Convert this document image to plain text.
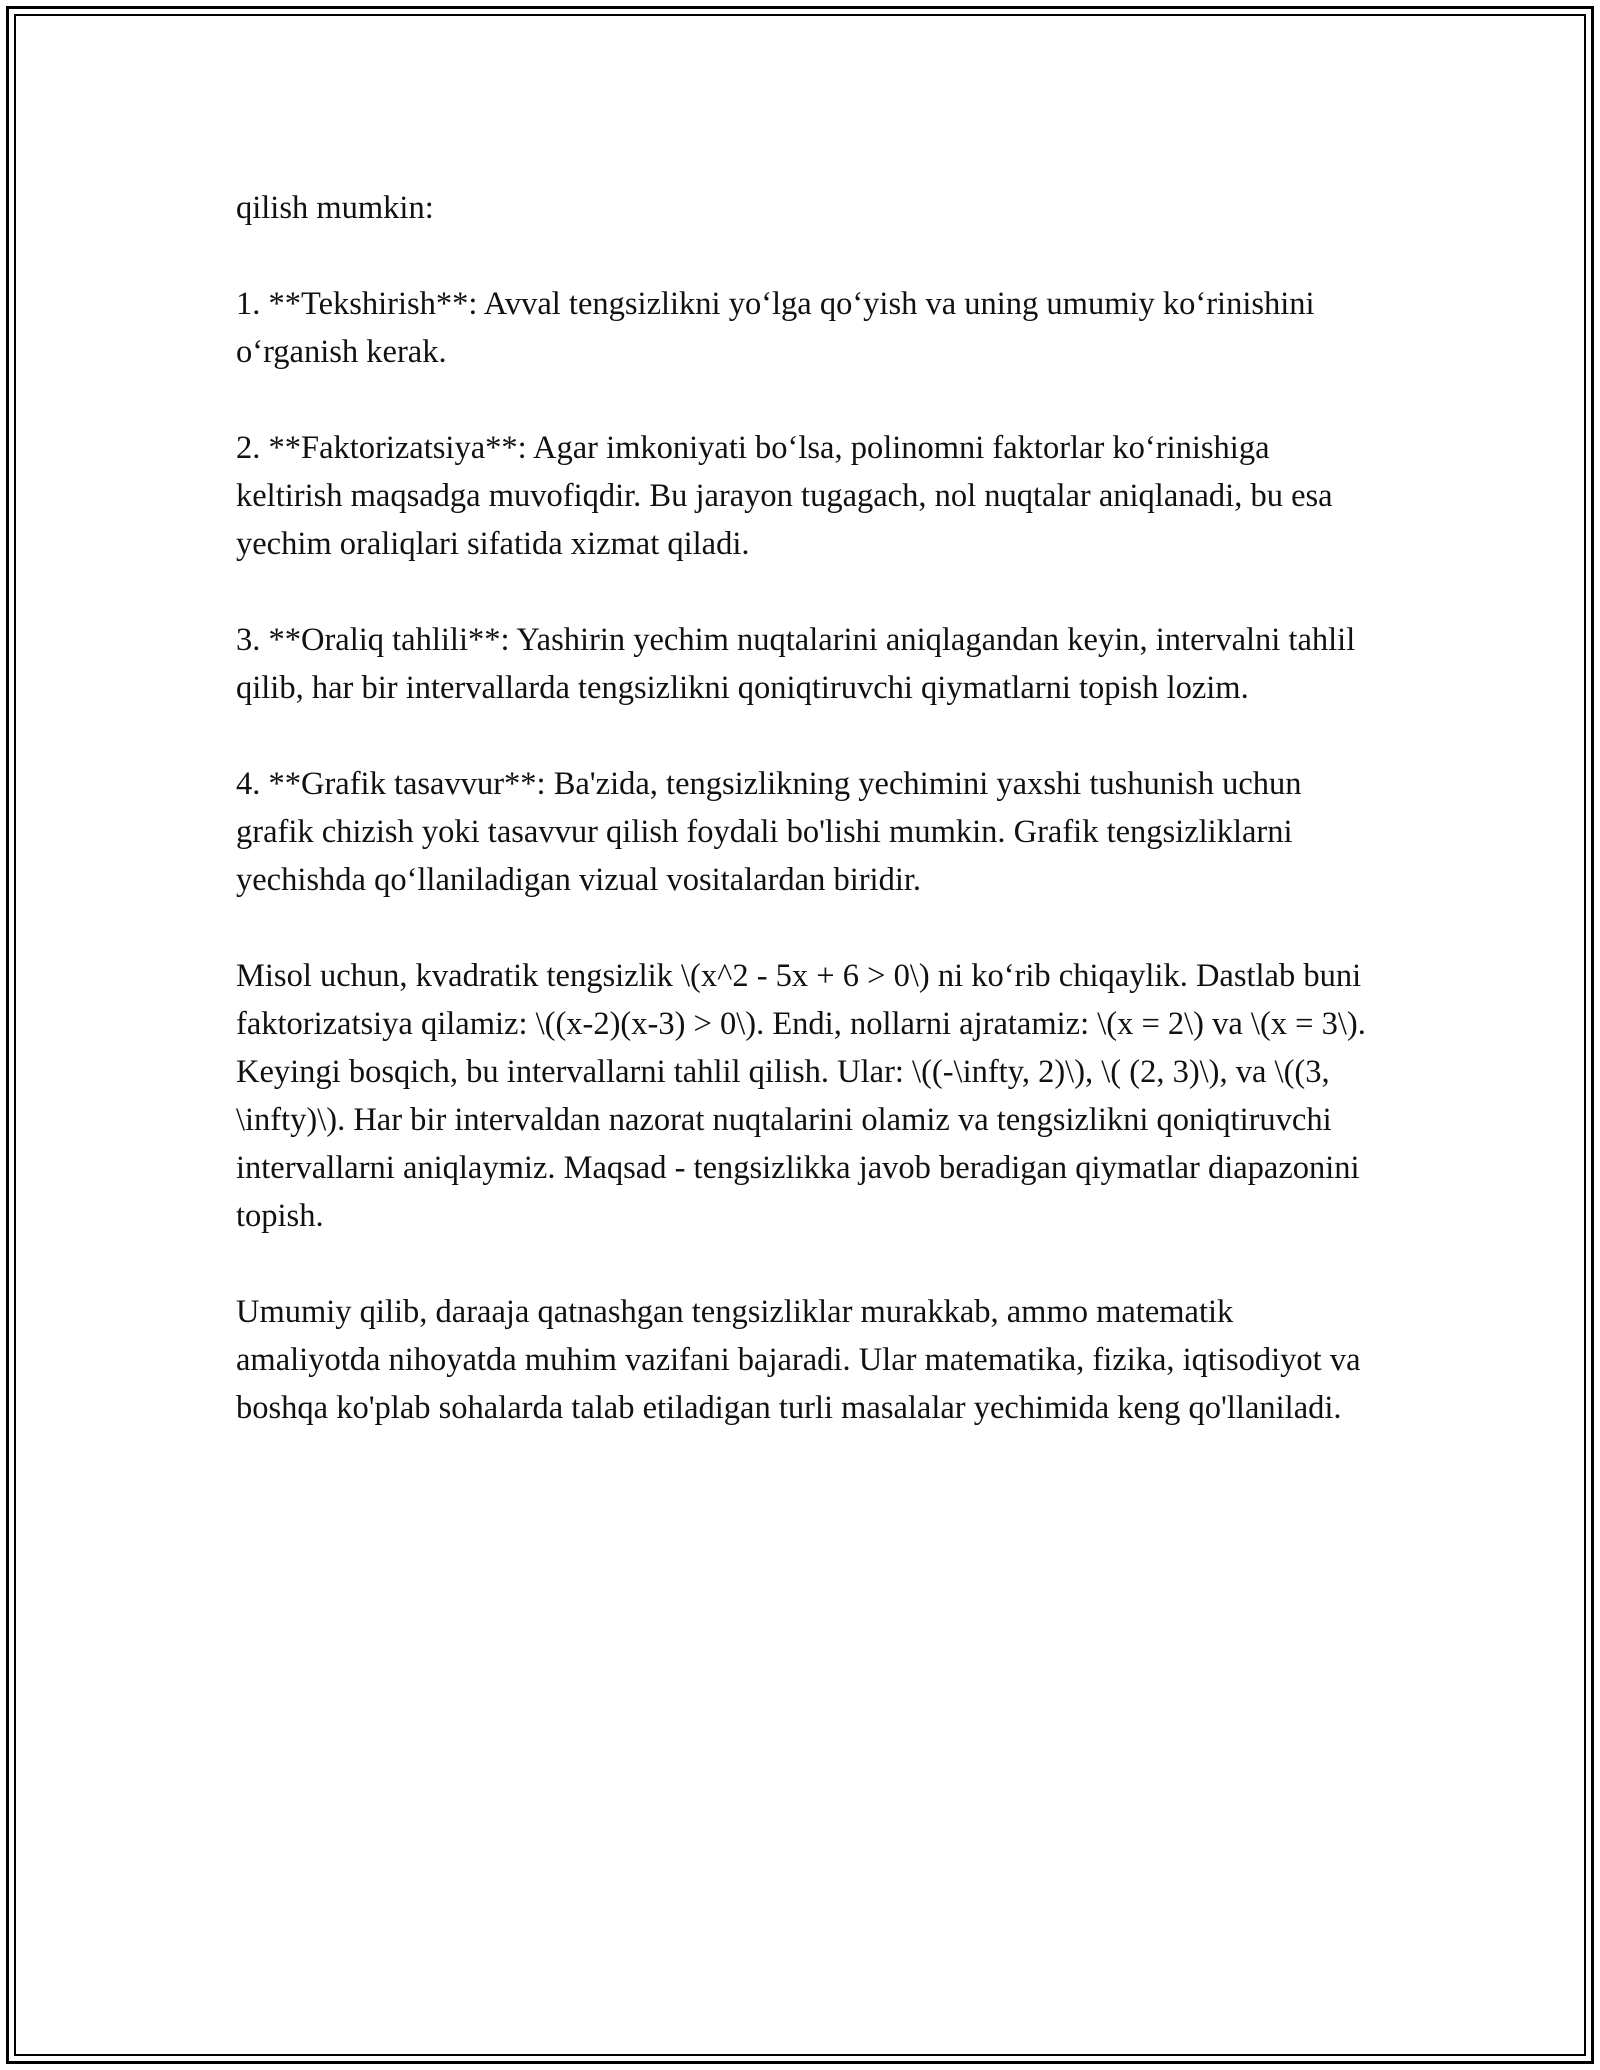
qilish mumkin:

1. **Tekshirish**: Avval tengsizlikni yo‘lga qo‘yish va uning umumiy ko‘rinishini o‘rganish kerak.

2. **Faktorizatsiya**: Agar imkoniyati bo‘lsa, polinomni faktorlar ko‘rinishiga keltirish maqsadga muvofiqdir. Bu jarayon tugagach, nol nuqtalar aniqlanadi, bu esa yechim oraliqlari sifatida xizmat qiladi.

3. **Oraliq tahlili**: Yashirin yechim nuqtalarini aniqlagandan keyin, intervalni tahlil qilib, har bir intervallarda tengsizlikni qoniqtiruvchi qiymatlarni topish lozim.

4. **Grafik tasavvur**: Ba'zida, tengsizlikning yechimini yaxshi tushunish uchun grafik chizish yoki tasavvur qilish foydali bo'lishi mumkin. Grafik tengsizliklarni yechishda qo‘llaniladigan vizual vositalardan biridir.

Misol uchun, kvadratik tengsizlik \(x^2 - 5x + 6 > 0\) ni ko‘rib chiqaylik. Dastlab buni faktorizatsiya qilamiz: \((x-2)(x-3) > 0\). Endi, nollarni ajratamiz: \(x = 2\) va \(x = 3\). Keyingi bosqich, bu intervallarni tahlil qilish. Ular: \((-\infty, 2)\), \( (2, 3)\), va \((3, \infty)\). Har bir intervaldan nazorat nuqtalarini olamiz va tengsizlikni qoniqtiruvchi intervallarni aniqlaymiz. Maqsad - tengsizlikka javob beradigan qiymatlar diapazonini topish.

Umumiy qilib, daraaja qatnashgan tengsizliklar murakkab, ammo matematik amaliyotda nihoyatda muhim vazifani bajaradi. Ular matematika, fizika, iqtisodiyot va boshqa ko'plab sohalarda talab etiladigan turli masalalar yechimida keng qo'llaniladi.
